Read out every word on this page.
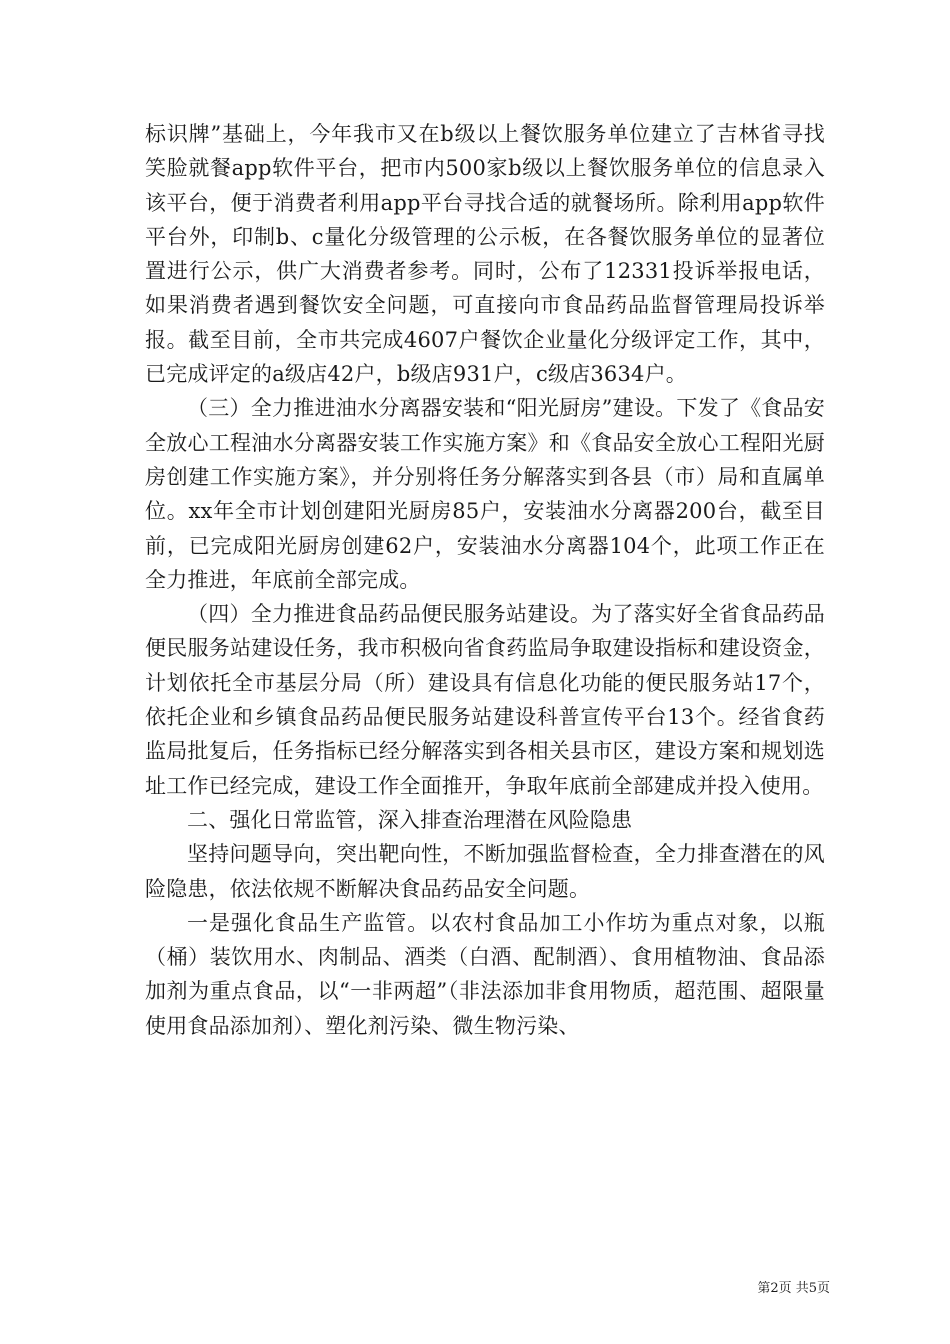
标识牌”基础上，今年我市又在b级以上餐饮服务单位建立了吉林省寻找笑脸就餐app软件平台，把市内500家b级以上餐饮服务单位的信息录入该平台，便于消费者利用app平台寻找合适的就餐场所。除利用app软件平台外，印制b、c量化分级管理的公示板，在各餐饮服务单位的显著位置进行公示，供广大消费者参考。同时，公布了12331投诉举报电话，如果消费者遇到餐饮安全问题，可直接向市食品药品监督管理局投诉举报。截至目前，全市共完成4607户餐饮企业量化分级评定工作，其中，已完成评定的a级店42户，b级店931户，c级店3634户。

（三）全力推进油水分离器安装和“阳光厨房”建设。下发了《食品安全放心工程油水分离器安装工作实施方案》和《食品安全放心工程阳光厨房创建工作实施方案》，并分别将任务分解落实到各县（市）局和直属单位。xx年全市计划创建阳光厨房85户，安装油水分离器200台，截至目前，已完成阳光厨房创建62户，安装油水分离器104个，此项工作正在全力推进，年底前全部完成。

（四）全力推进食品药品便民服务站建设。为了落实好全省食品药品便民服务站建设任务，我市积极向省食药监局争取建设指标和建设资金，计划依托全市基层分局（所）建设具有信息化功能的便民服务站17个，依托企业和乡镇食品药品便民服务站建设科普宣传平台13个。经省食药监局批复后，任务指标已经分解落实到各相关县市区，建设方案和规划选址工作已经完成，建设工作全面推开，争取年底前全部建成并投入使用。

二、强化日常监管，深入排查治理潜在风险隐患

坚持问题导向，突出靶向性，不断加强监督检查，全力排查潜在的风险隐患，依法依规不断解决食品药品安全问题。

一是强化食品生产监管。以农村食品加工小作坊为重点对象，以瓶（桶）装饮用水、肉制品、酒类（白酒、配制酒）、食用植物油、食品添加剂为重点食品，以“一非两超”（非法添加非食用物质，超范围、超限量使用食品添加剂）、塑化剂污染、微生物污染、

第2页 共5页
